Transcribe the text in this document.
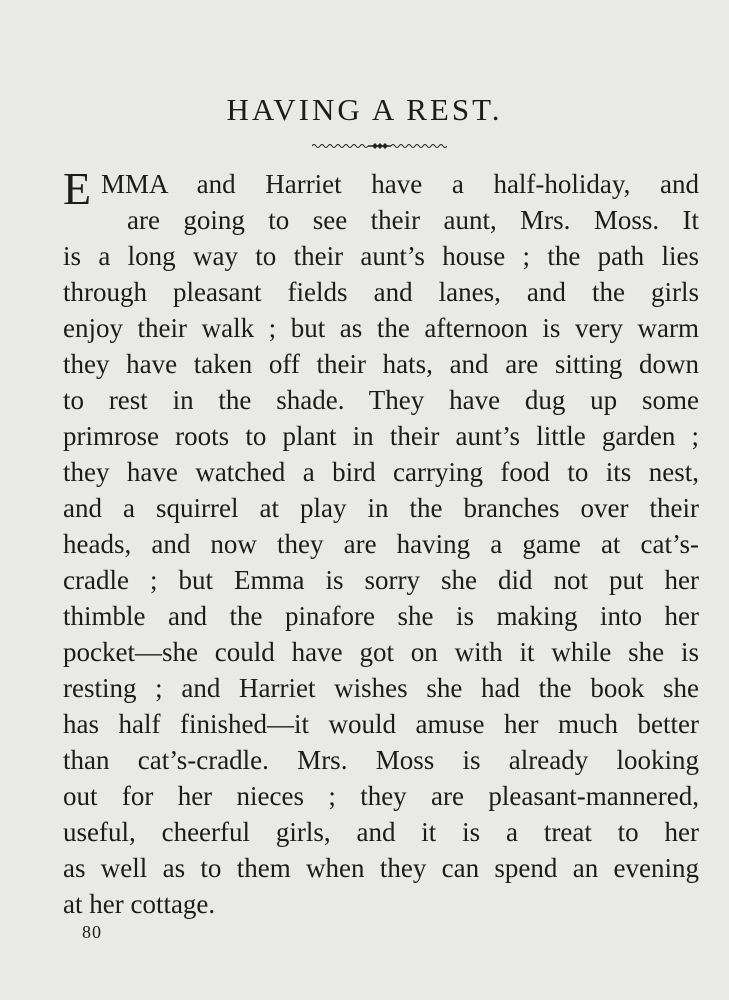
HAVING A REST.
E MMA and Harriet have a half-holiday, and
are going to see their aunt, Mrs. Moss. It
is a long way to their aunt’s house ; the path lies
through pleasant fields and lanes, and the girls
enjoy their walk ; but as the afternoon is very warm
they have taken off their hats, and are sitting down
to rest in the shade. They have dug up some
primrose roots to plant in their aunt’s little garden ;
they have watched a bird carrying food to its nest,
and a squirrel at play in the branches over their
heads, and now they are having a game at cat’s-
cradle ; but Emma is sorry she did not put her
thimble and the pinafore she is making into her
pocket—she could have got on with it while she is
resting ; and Harriet wishes she had the book she
has half finished—it would amuse her much better
than cat’s-cradle. Mrs. Moss is already looking
out for her nieces ; they are pleasant-mannered,
useful, cheerful girls, and it is a treat to her
as well as to them when they can spend an evening
at her cottage.
80
